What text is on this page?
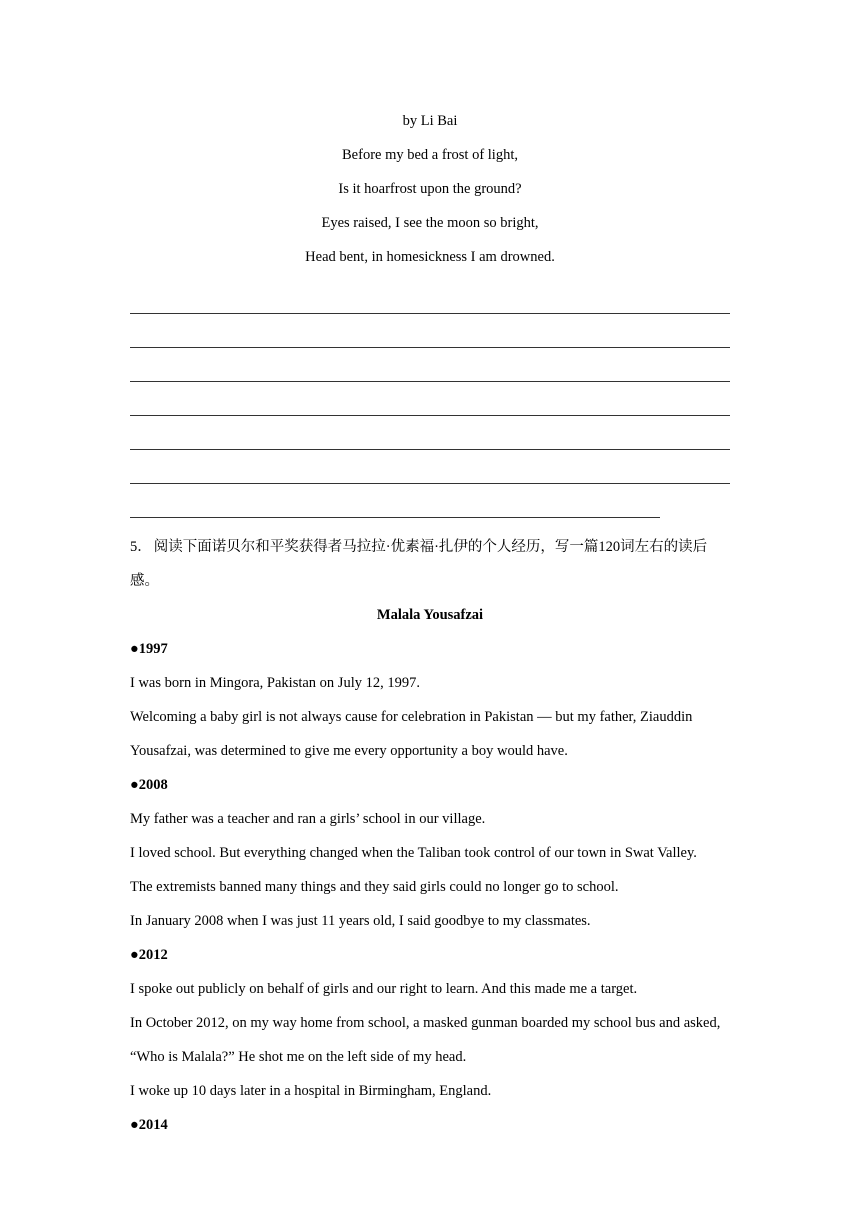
by Li Bai
Before my bed a frost of light,
Is it hoarfrost upon the ground?
Eyes raised, I see the moon so bright,
Head bent, in homesickness I am drowned.
5． 阅读下面诺贝尔和平奖获得者马拉拉·优素福·扎伊的个人经历，写一篇120词左右的读后感。
Malala Yousafzai
●1997
I was born in Mingora, Pakistan on July 12, 1997.
Welcoming a baby girl is not always cause for celebration in Pakistan — but my father, Ziauddin Yousafzai, was determined to give me every opportunity a boy would have.
●2008
My father was a teacher and ran a girls’ school in our village.
I loved school. But everything changed when the Taliban took control of our town in Swat Valley.
The extremists banned many things and they said girls could no longer go to school.
In January 2008 when I was just 11 years old, I said goodbye to my classmates.
●2012
I spoke out publicly on behalf of girls and our right to learn. And this made me a target.
In October 2012, on my way home from school, a masked gunman boarded my school bus and asked, “Who is Malala?” He shot me on the left side of my head.
I woke up 10 days later in a hospital in Birmingham, England.
●2014
